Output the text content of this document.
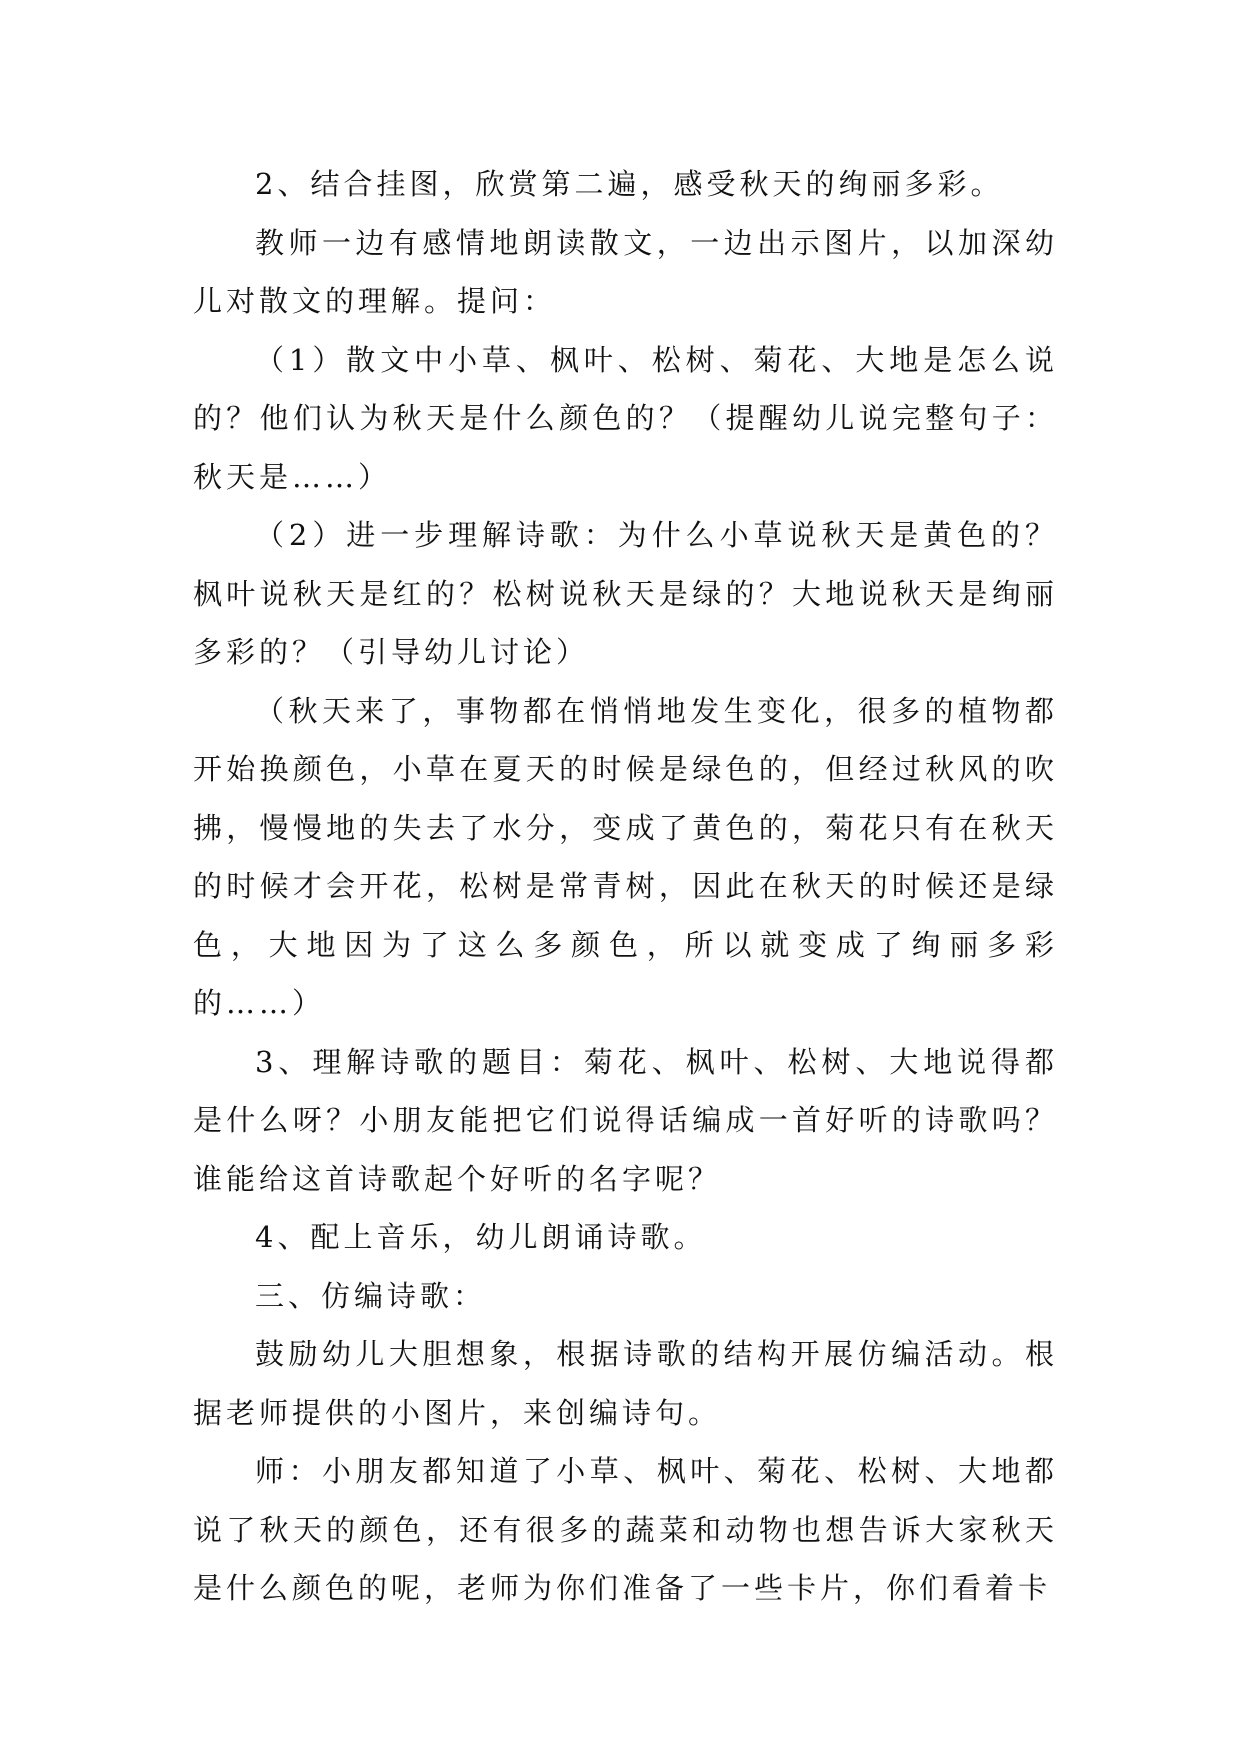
2、结合挂图，欣赏第二遍，感受秋天的绚丽多彩。

教师一边有感情地朗读散文，一边出示图片，以加深幼儿对散文的理解。提问：

（1）散文中小草、枫叶、松树、菊花、大地是怎么说的？他们认为秋天是什么颜色的？（提醒幼儿说完整句子：秋天是……）

（2）进一步理解诗歌：为什么小草说秋天是黄色的？枫叶说秋天是红的？松树说秋天是绿的？大地说秋天是绚丽多彩的？（引导幼儿讨论）

（秋天来了，事物都在悄悄地发生变化，很多的植物都开始换颜色，小草在夏天的时候是绿色的，但经过秋风的吹拂，慢慢地的失去了水分，变成了黄色的，菊花只有在秋天的时候才会开花，松树是常青树，因此在秋天的时候还是绿色，大地因为了这么多颜色，所以就变成了绚丽多彩的……）

3、理解诗歌的题目：菊花、枫叶、松树、大地说得都是什么呀？小朋友能把它们说得话编成一首好听的诗歌吗？谁能给这首诗歌起个好听的名字呢？

4、配上音乐，幼儿朗诵诗歌。

三、仿编诗歌：

鼓励幼儿大胆想象，根据诗歌的结构开展仿编活动。根据老师提供的小图片，来创编诗句。

师：小朋友都知道了小草、枫叶、菊花、松树、大地都说了秋天的颜色，还有很多的蔬菜和动物也想告诉大家秋天是什么颜色的呢，老师为你们准备了一些卡片，你们看着卡
